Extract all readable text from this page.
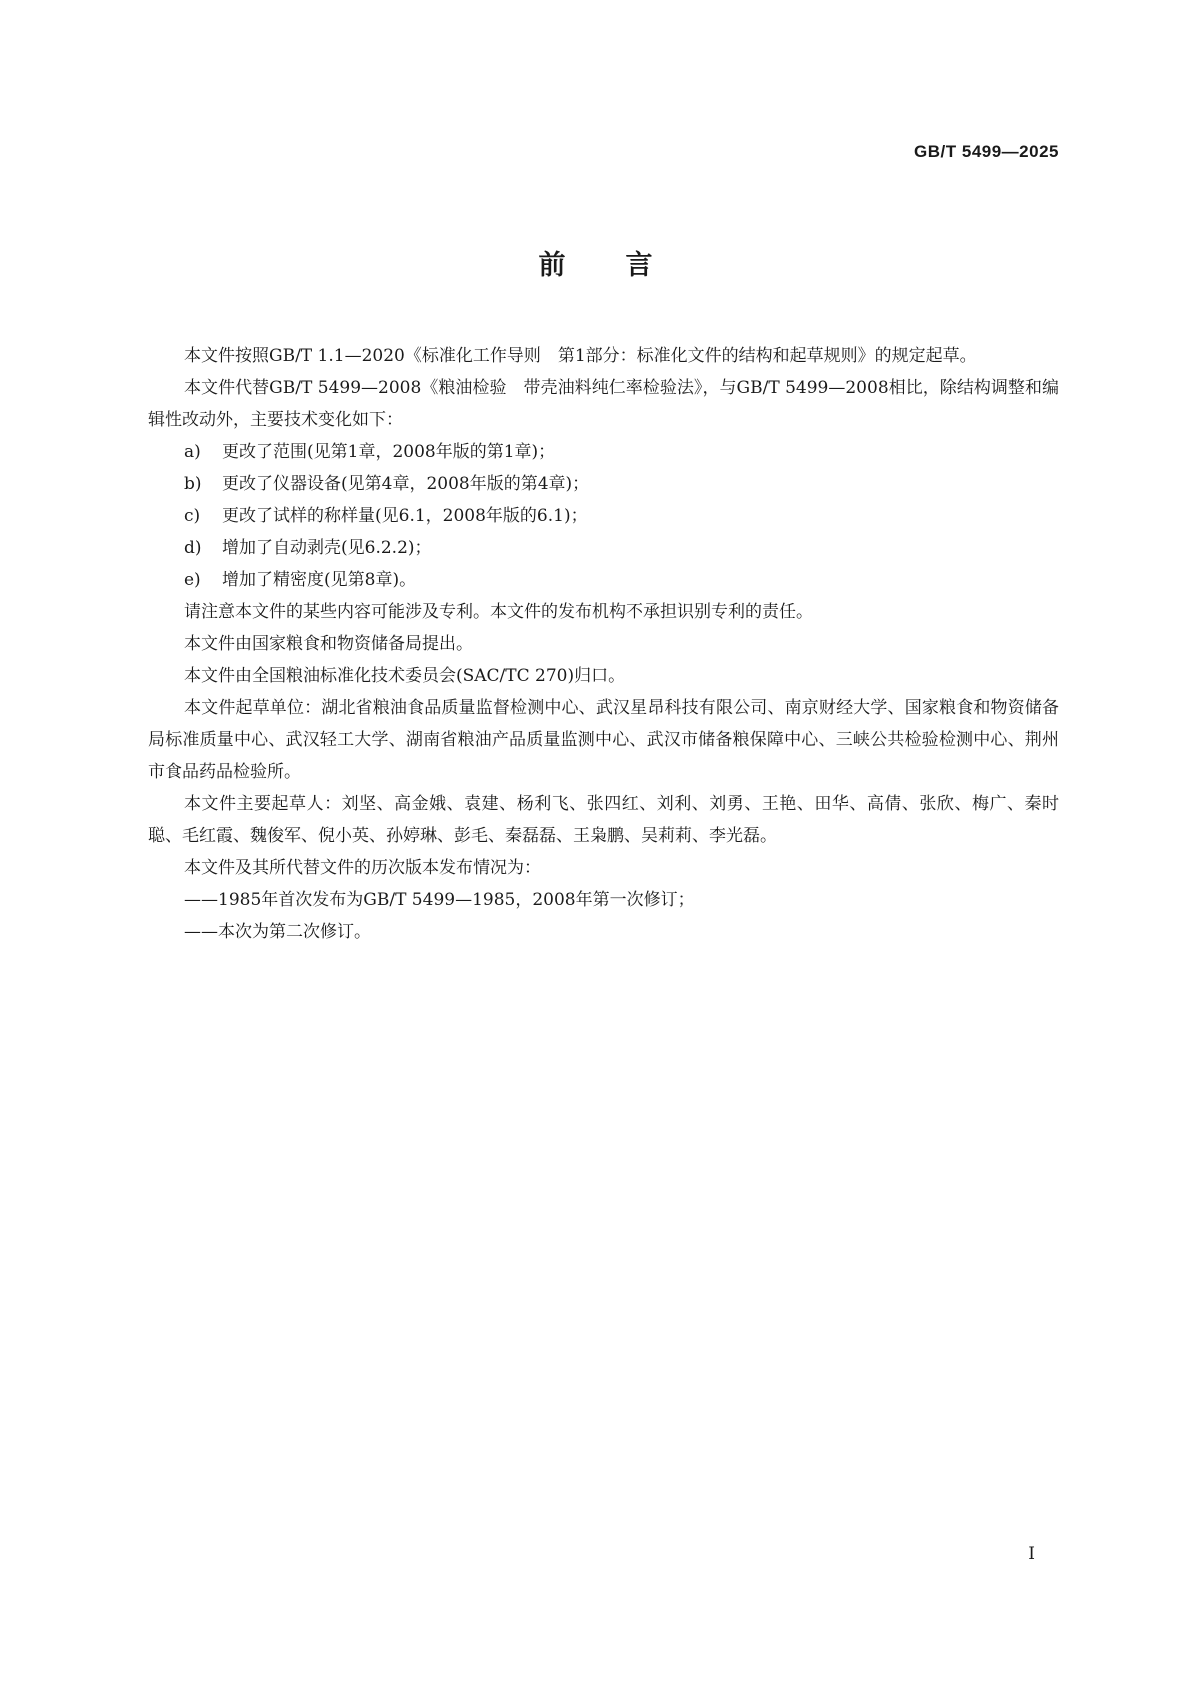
GB/T 5499—2025
前言

本文件按照GB/T 1.1—2020《标准化工作导则　第1部分：标准化文件的结构和起草规则》的规定起草。

本文件代替GB/T 5499—2008《粮油检验　带壳油料纯仁率检验法》，与GB/T 5499—2008相比，除结构调整和编辑性改动外，主要技术变化如下：

a) 更改了范围(见第1章，2008年版的第1章)；
b) 更改了仪器设备(见第4章，2008年版的第4章)；
c) 更改了试样的称样量(见6.1，2008年版的6.1)；
d) 增加了自动剥壳(见6.2.2)；
e) 增加了精密度(见第8章)。

请注意本文件的某些内容可能涉及专利。本文件的发布机构不承担识别专利的责任。

本文件由国家粮食和物资储备局提出。

本文件由全国粮油标准化技术委员会(SAC/TC 270)归口。

本文件起草单位：湖北省粮油食品质量监督检测中心、武汉星昂科技有限公司、南京财经大学、国家粮食和物资储备局标准质量中心、武汉轻工大学、湖南省粮油产品质量监测中心、武汉市储备粮保障中心、三峡公共检验检测中心、荆州市食品药品检验所。

本文件主要起草人：刘坚、高金娥、袁建、杨利飞、张四红、刘利、刘勇、王艳、田华、高倩、张欣、梅广、秦时聪、毛红霞、魏俊军、倪小英、孙婷琳、彭毛、秦磊磊、王枭鹏、吴莉莉、李光磊。

本文件及其所代替文件的历次版本发布情况为：

——1985年首次发布为GB/T 5499—1985，2008年第一次修订；
——本次为第二次修订。
I
